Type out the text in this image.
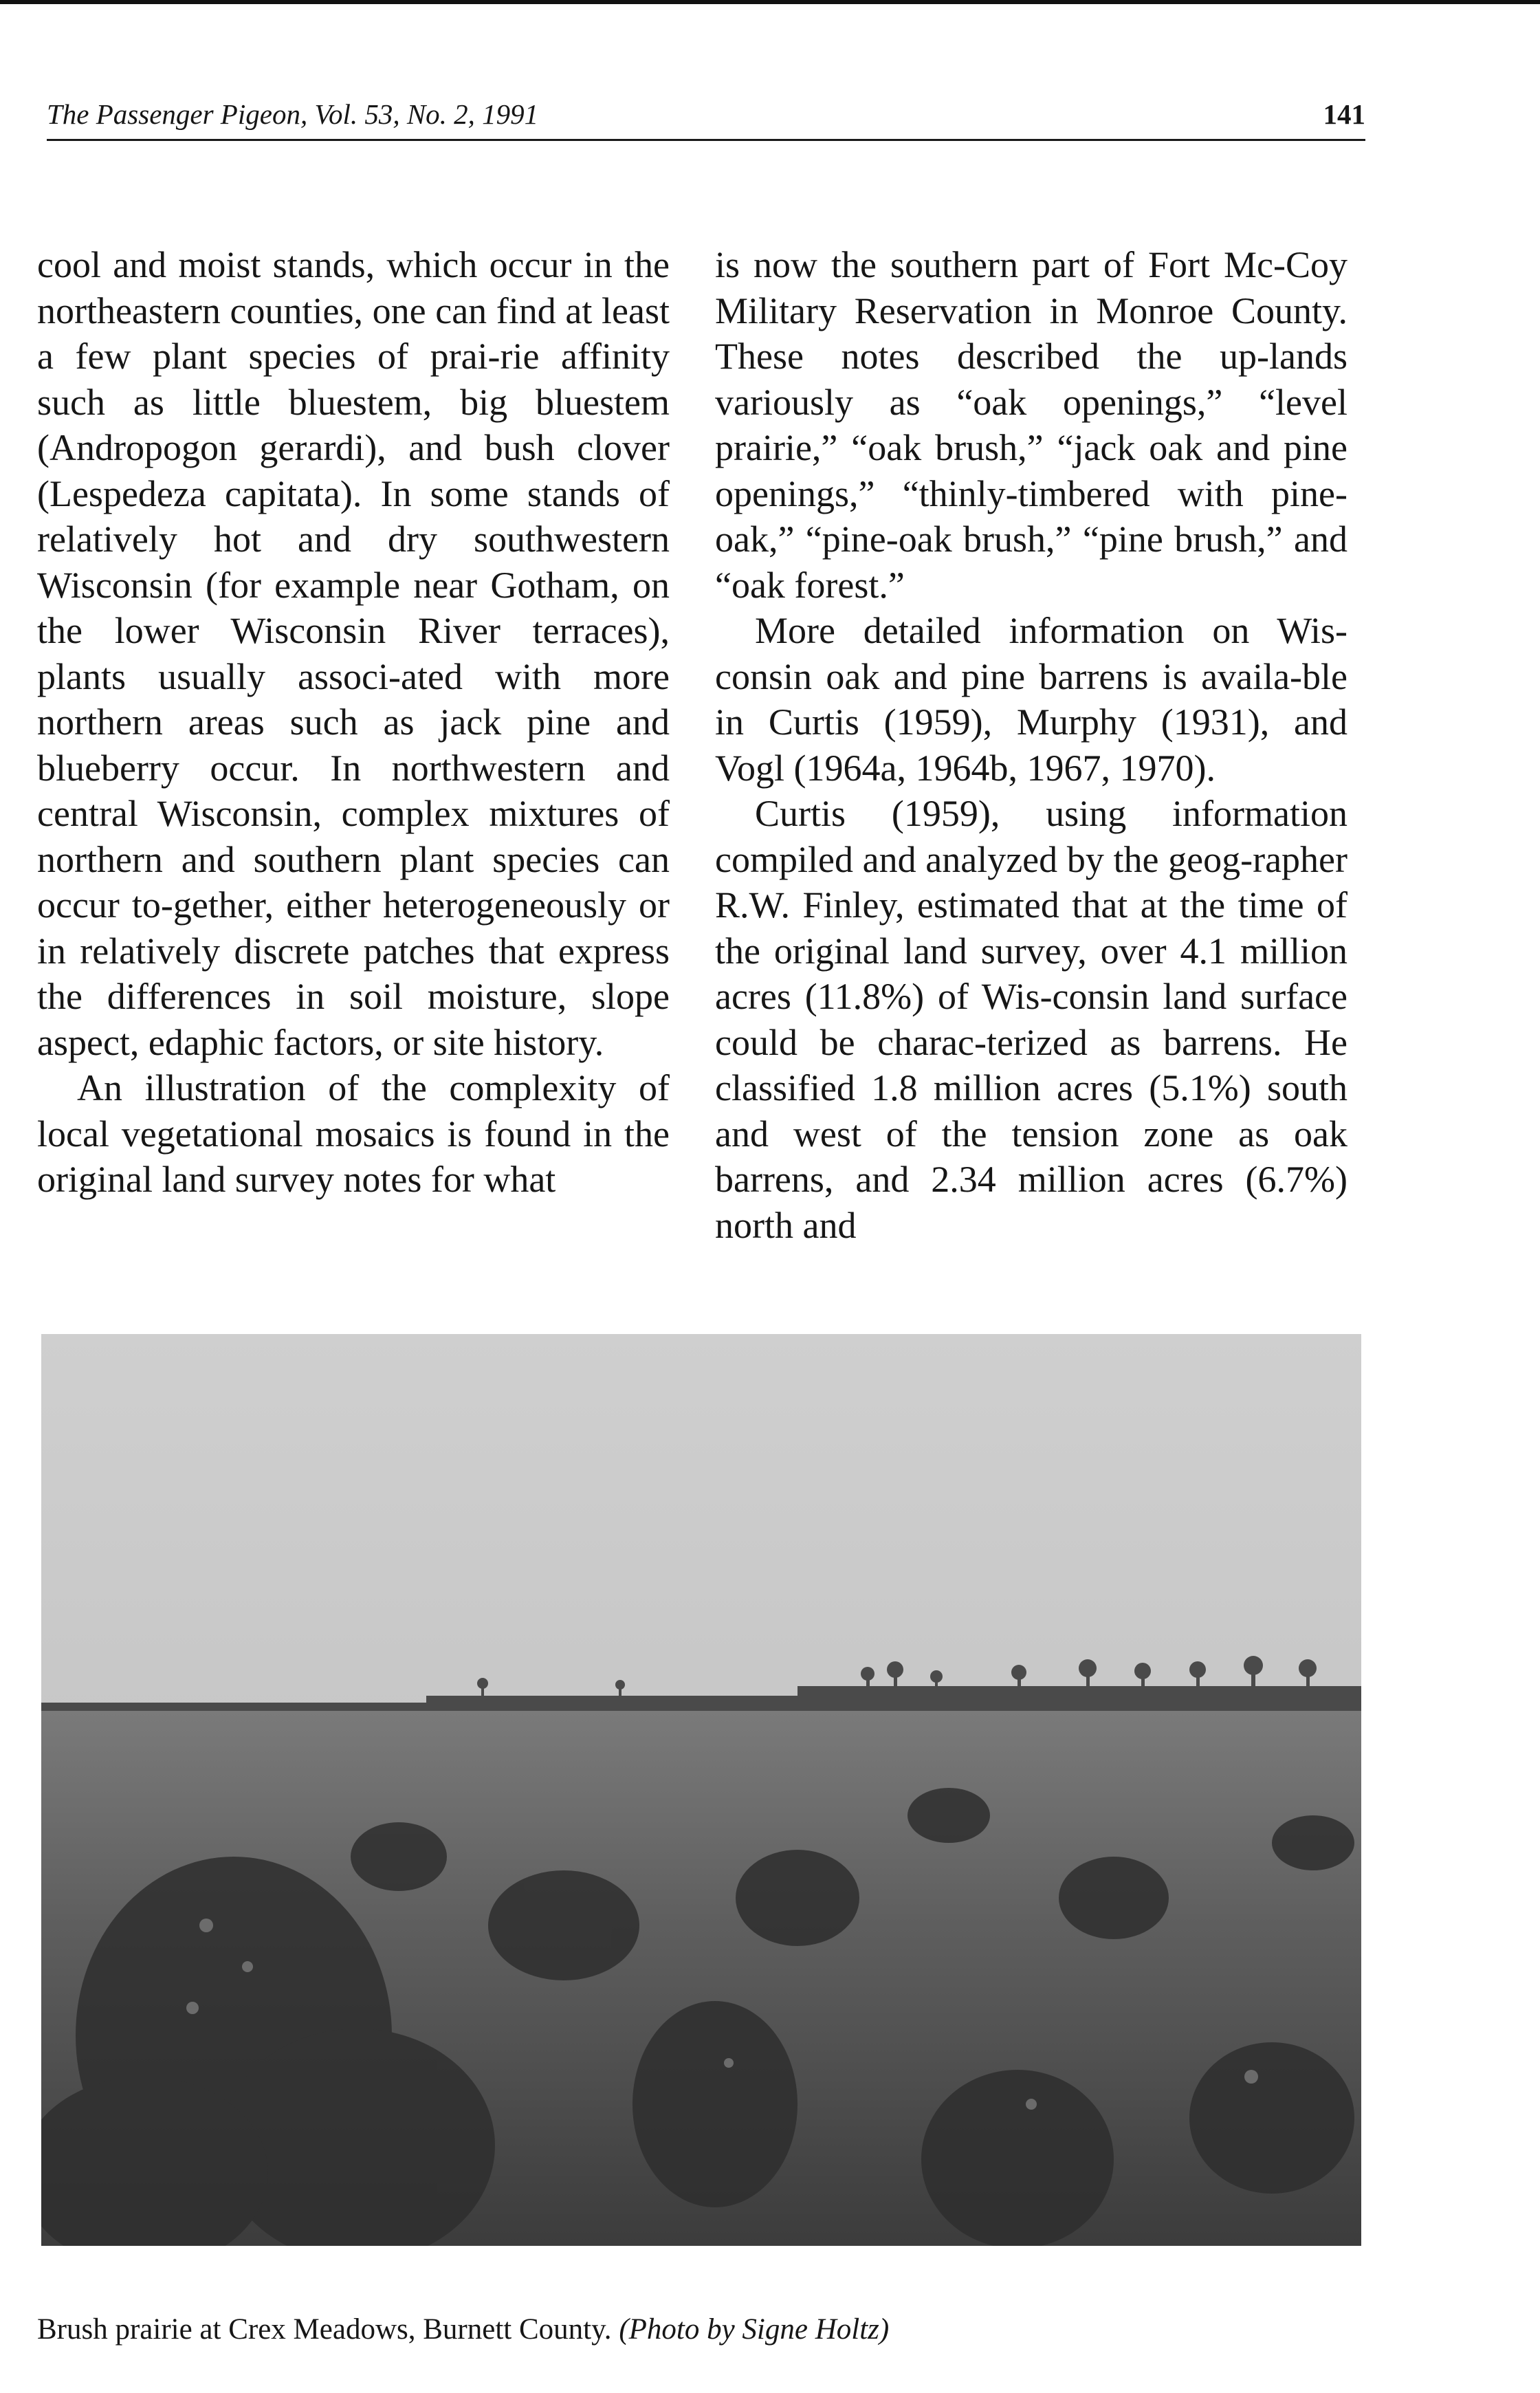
The Passenger Pigeon, Vol. 53, No. 2, 1991	141

cool and moist stands, which occur in the northeastern counties, one can find at least a few plant species of prai-rie affinity such as little bluestem, big bluestem (Andropogon gerardi), and bush clover (Lespedeza capitata). In some stands of relatively hot and dry southwestern Wisconsin (for example near Gotham, on the lower Wisconsin River terraces), plants usually associ-ated with more northern areas such as jack pine and blueberry occur. In northwestern and central Wisconsin, complex mixtures of northern and southern plant species can occur to-gether, either heterogeneously or in relatively discrete patches that express the differences in soil moisture, slope aspect, edaphic factors, or site history.

An illustration of the complexity of local vegetational mosaics is found in the original land survey notes for what

is now the southern part of Fort Mc-Coy Military Reservation in Monroe County. These notes described the up-lands variously as “oak openings,” “level prairie,” “oak brush,” “jack oak and pine openings,” “thinly-timbered with pine-oak,” “pine-oak brush,” “pine brush,” and “oak forest.”

More detailed information on Wis-consin oak and pine barrens is availa-ble in Curtis (1959), Murphy (1931), and Vogl (1964a, 1964b, 1967, 1970).

Curtis (1959), using information compiled and analyzed by the geog-rapher R.W. Finley, estimated that at the time of the original land survey, over 4.1 million acres (11.8%) of Wis-consin land surface could be charac-terized as barrens. He classified 1.8 million acres (5.1%) south and west of the tension zone as oak barrens, and 2.34 million acres (6.7%) north and

Brush prairie at Crex Meadows, Burnett County. (Photo by Signe Holtz)
